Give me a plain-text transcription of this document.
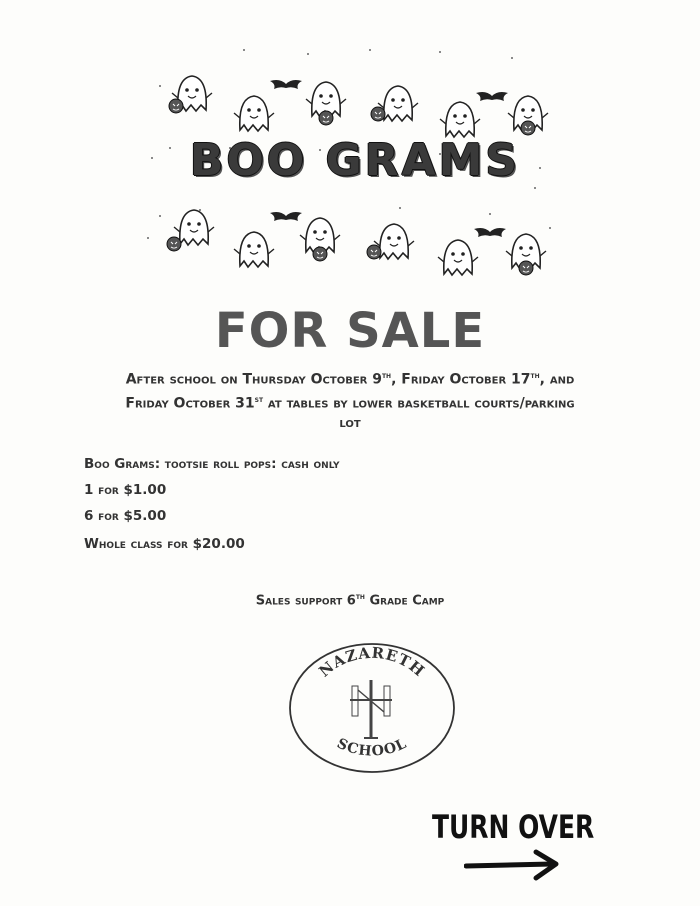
BOO GRAMS
FOR SALE
After school on Thursday October 9th, Friday October 17th, and
Friday October 31st at tables by lower basketball courts/parking
lot
Boo Grams: tootsie roll pops: cash only
1 for $1.00
6 for $5.00
Whole class for $20.00
Sales support 6th Grade Camp
NAZARETH
SCHOOL
TURN OVER
